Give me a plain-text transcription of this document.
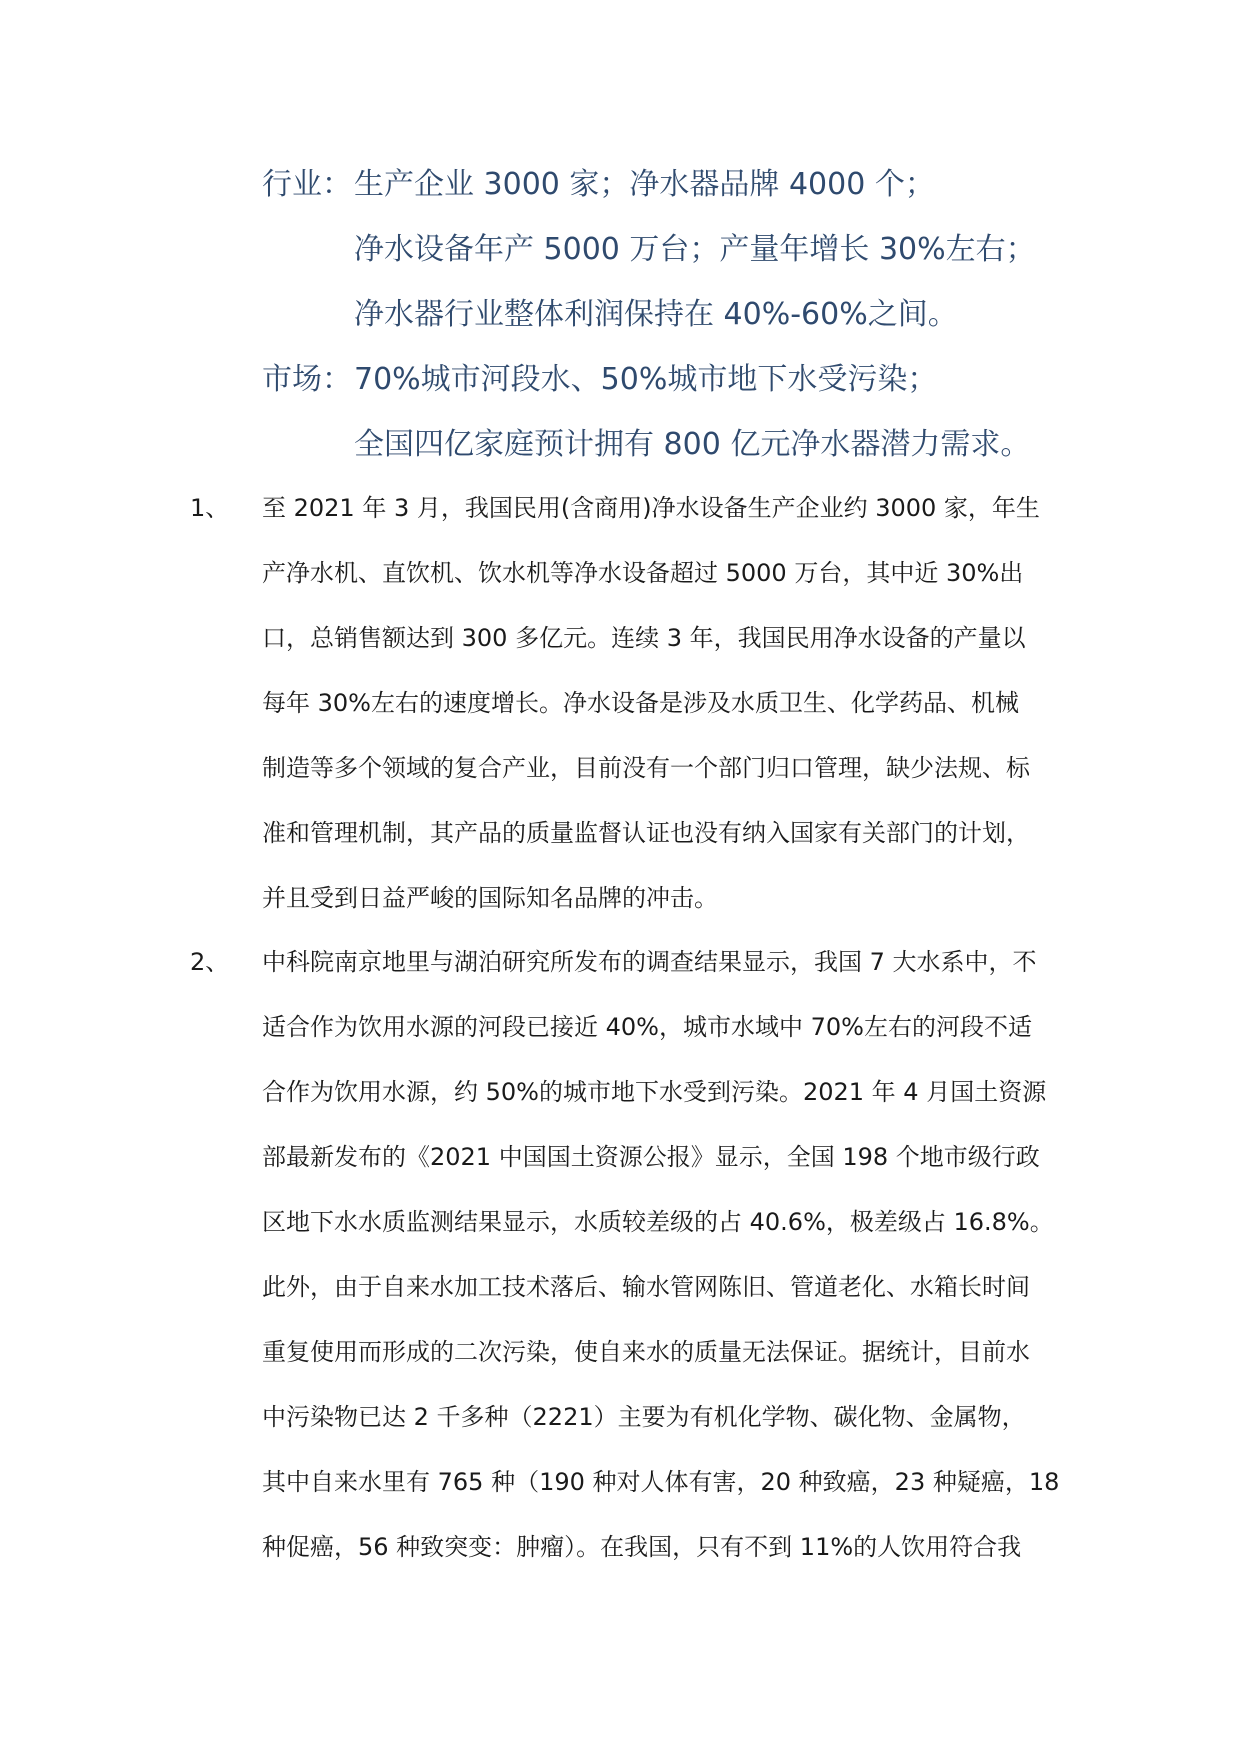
行业：生产企业 3000 家；净水器品牌 4000 个；
净水设备年产 5000 万台；产量年增长 30%左右；
净水器行业整体利润保持在 40%-60%之间。
市场：70%城市河段水、50%城市地下水受污染；
全国四亿家庭预计拥有 800 亿元净水器潜力需求。
1、 至 2021 年 3 月，我国民用(含商用)净水设备生产企业约 3000 家，年生
产净水机、直饮机、饮水机等净水设备超过 5000 万台，其中近 30%出
口，总销售额达到 300 多亿元。连续 3 年，我国民用净水设备的产量以
每年 30%左右的速度增长。净水设备是涉及水质卫生、化学药品、机械
制造等多个领域的复合产业，目前没有一个部门归口管理，缺少法规、标
准和管理机制，其产品的质量监督认证也没有纳入国家有关部门的计划，
并且受到日益严峻的国际知名品牌的冲击。
2、 中科院南京地里与湖泊研究所发布的调查结果显示，我国 7 大水系中，不
适合作为饮用水源的河段已接近 40%，城市水域中 70%左右的河段不适
合作为饮用水源，约 50%的城市地下水受到污染。2021 年 4 月国土资源
部最新发布的《2021 中国国土资源公报》显示，全国 198 个地市级行政
区地下水水质监测结果显示，水质较差级的占 40.6%，极差级占 16.8%。
此外，由于自来水加工技术落后、输水管网陈旧、管道老化、水箱长时间
重复使用而形成的二次污染，使自来水的质量无法保证。据统计，目前水
中污染物已达 2 千多种（2221）主要为有机化学物、碳化物、金属物，
其中自来水里有 765 种（190 种对人体有害，20 种致癌，23 种疑癌，18
种促癌，56 种致突变：肿瘤）。在我国，只有不到 11%的人饮用符合我
